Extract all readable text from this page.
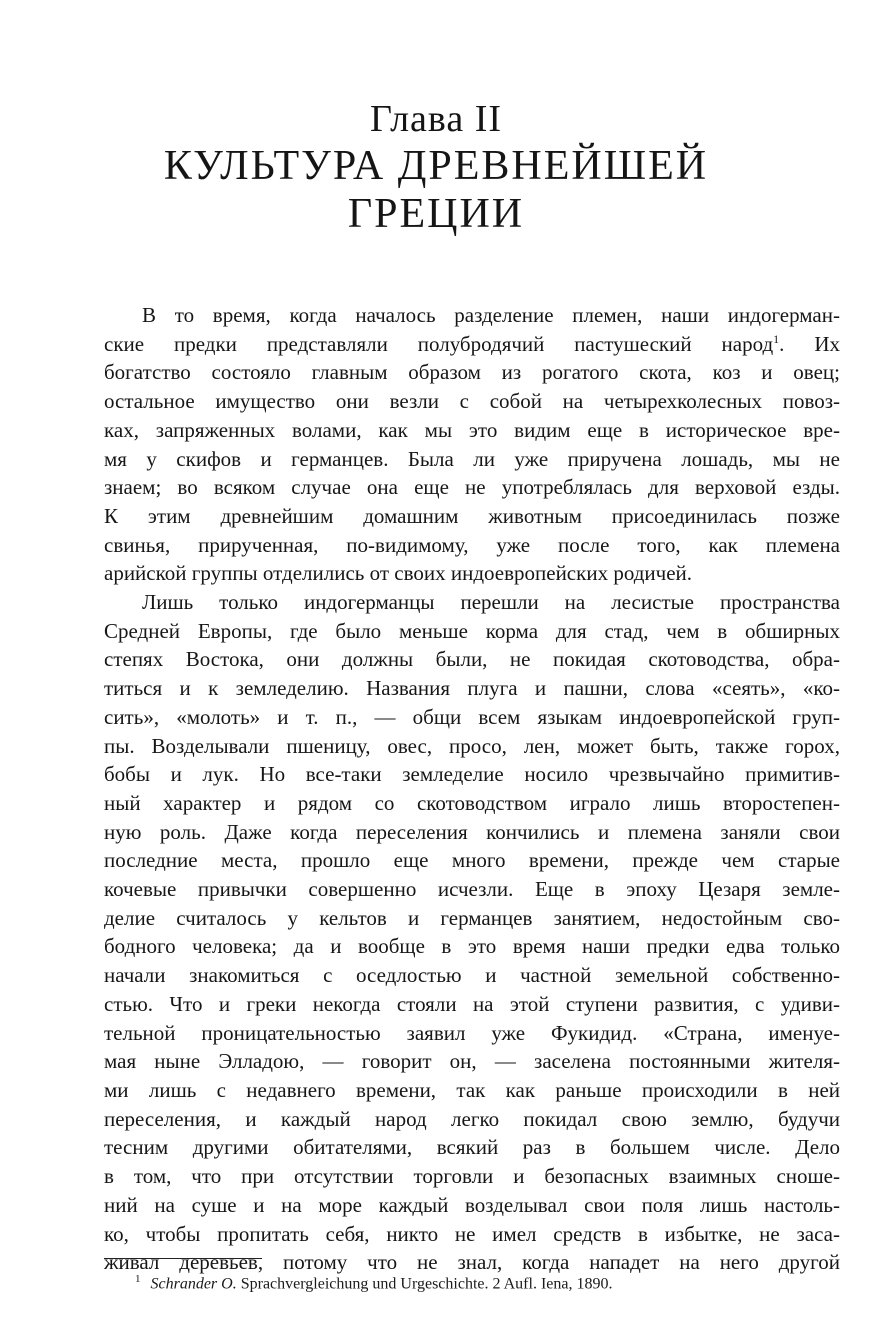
Глава II
КУЛЬТУРА ДРЕВНЕЙШЕЙ
ГРЕЦИИ
В то время, когда началось разделение племен, наши индогерман-
ские предки представляли полубродячий пастушеский народ$^1$. Их
богатство состояло главным образом из рогатого скота, коз и овец;
остальное имущество они везли с собой на четырехколесных повоз-
ках, запряженных волами, как мы это видим еще в историческое вре-
мя у скифов и германцев. Была ли уже приручена лошадь, мы не
знаем; во всяком случае она еще не употреблялась для верховой езды.
К этим древнейшим домашним животным присоединилась позже
свинья, прирученная, по-видимому, уже после того, как племена
арийской группы отделились от своих индоевропейских родичей.
Лишь только индогерманцы перешли на лесистые пространства
Средней Европы, где было меньше корма для стад, чем в обширных
степях Востока, они должны были, не покидая скотоводства, обра-
титься и к земледелию. Названия плуга и пашни, слова «сеять», «ко-
сить», «молоть» и т. п., — общи всем языкам индоевропейской груп-
пы. Возделывали пшеницу, овес, просо, лен, может быть, также горох,
бобы и лук. Но все-таки земледелие носило чрезвычайно примитив-
ный характер и рядом со скотоводством играло лишь второстепен-
ную роль. Даже когда переселения кончились и племена заняли свои
последние места, прошло еще много времени, прежде чем старые
кочевые привычки совершенно исчезли. Еще в эпоху Цезаря земле-
делие считалось у кельтов и германцев занятием, недостойным сво-
бодного человека; да и вообще в это время наши предки едва только
начали знакомиться с оседлостью и частной земельной собственно-
стью. Что и греки некогда стояли на этой ступени развития, с удиви-
тельной проницательностью заявил уже Фукидид. «Страна, именуе-
мая ныне Элладою, — говорит он, — заселена постоянными жителя-
ми лишь с недавнего времени, так как раньше происходили в ней
переселения, и каждый народ легко покидал свою землю, будучи
тесним другими обитателями, всякий раз в большем числе. Дело
в том, что при отсутствии торговли и безопасных взаимных сноше-
ний на суше и на море каждый возделывал свои поля лишь настоль-
ко, чтобы пропитать себя, никто не имел средств в избытке, не заса-
живал деревьев, потому что не знал, когда нападет на него другой
$^1$ Schrander O. Sprachvergleichung und Urgeschichte. 2 Aufl. Iena, 1890.
